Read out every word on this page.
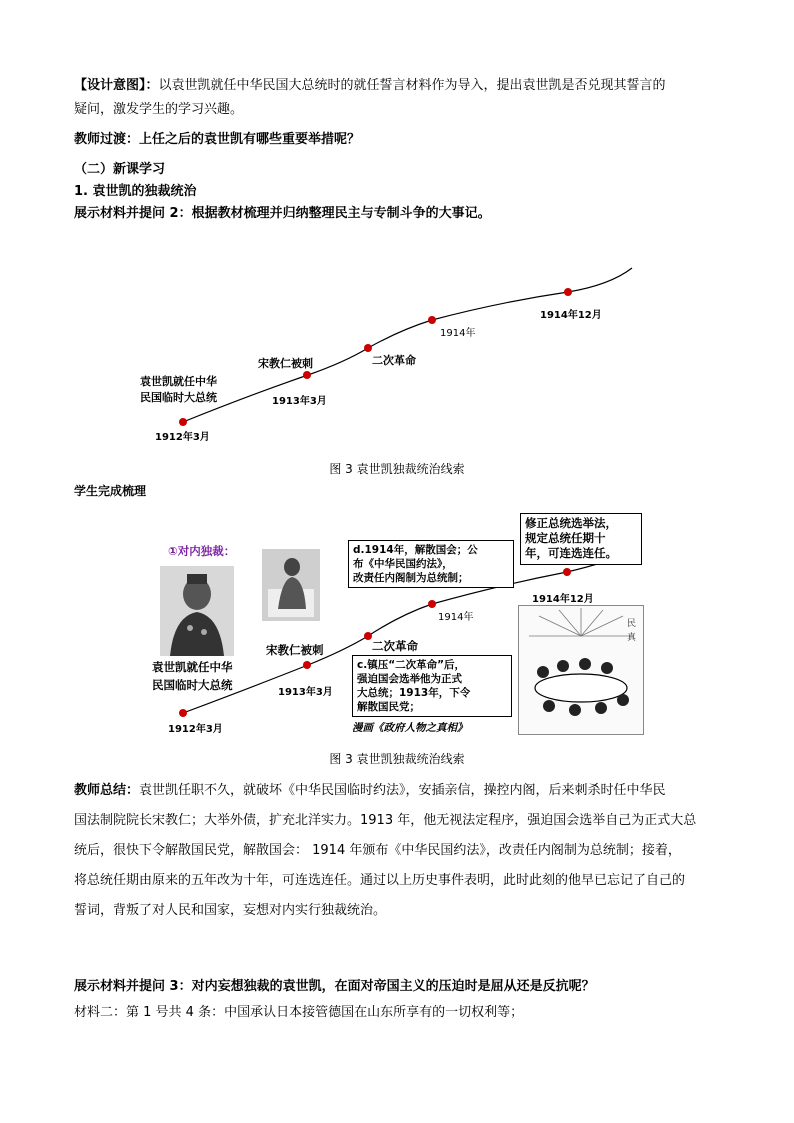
【设计意图】：以袁世凯就任中华民国大总统时的就任誓言材料作为导入，提出袁世凯是否兑现其誓言的
疑问，激发学生的学习兴趣。
教师过渡：上任之后的袁世凯有哪些重要举措呢？
（二）新课学习
1. 袁世凯的独裁统治
展示材料并提问 2：根据教材梳理并归纳整理民主与专制斗争的大事记。
1912年3月
袁世凯就任中华
民国临时大总统
宋教仁被刺
1913年3月
二次革命
1914年
1914年12月
图 3 袁世凯独裁统治线索
学生完成梳理
①对内独裁：
袁世凯就任中华
民国临时大总统
1912年3月
宋教仁被刺
1913年3月
二次革命
1914年
1914年12月
d.1914年，解散国会；公
布《中华民国约法》，
改责任内阁制为总统制；
修正总统选举法，
规定总统任期十
年，可连选连任。
c.镇压“二次革命”后，
强迫国会选举他为正式
大总统；1913年，下令
解散国民党；
漫画《政府人物之真相》
民
真
图 3 袁世凯独裁统治线索
教师总结：袁世凯任职不久，就破坏《中华民国临时约法》，安插亲信，操控内阁，后来刺杀时任中华民
国法制院院长宋教仁；大举外债，扩充北洋实力。1913 年，他无视法定程序，强迫国会选举自己为正式大总
统后，很快下令解散国民党，解散国会： 1914 年颁布《中华民国约法》，改责任内阁制为总统制；接着，
将总统任期由原来的五年改为十年，可连选连任。通过以上历史事件表明，此时此刻的他早已忘记了自己的
誓词，背叛了对人民和国家，妄想对内实行独裁统治。
展示材料并提问 3：对内妄想独裁的袁世凯，在面对帝国主义的压迫时是屈从还是反抗呢？
材料二：第 1 号共 4 条：中国承认日本接管德国在山东所享有的一切权利等；
